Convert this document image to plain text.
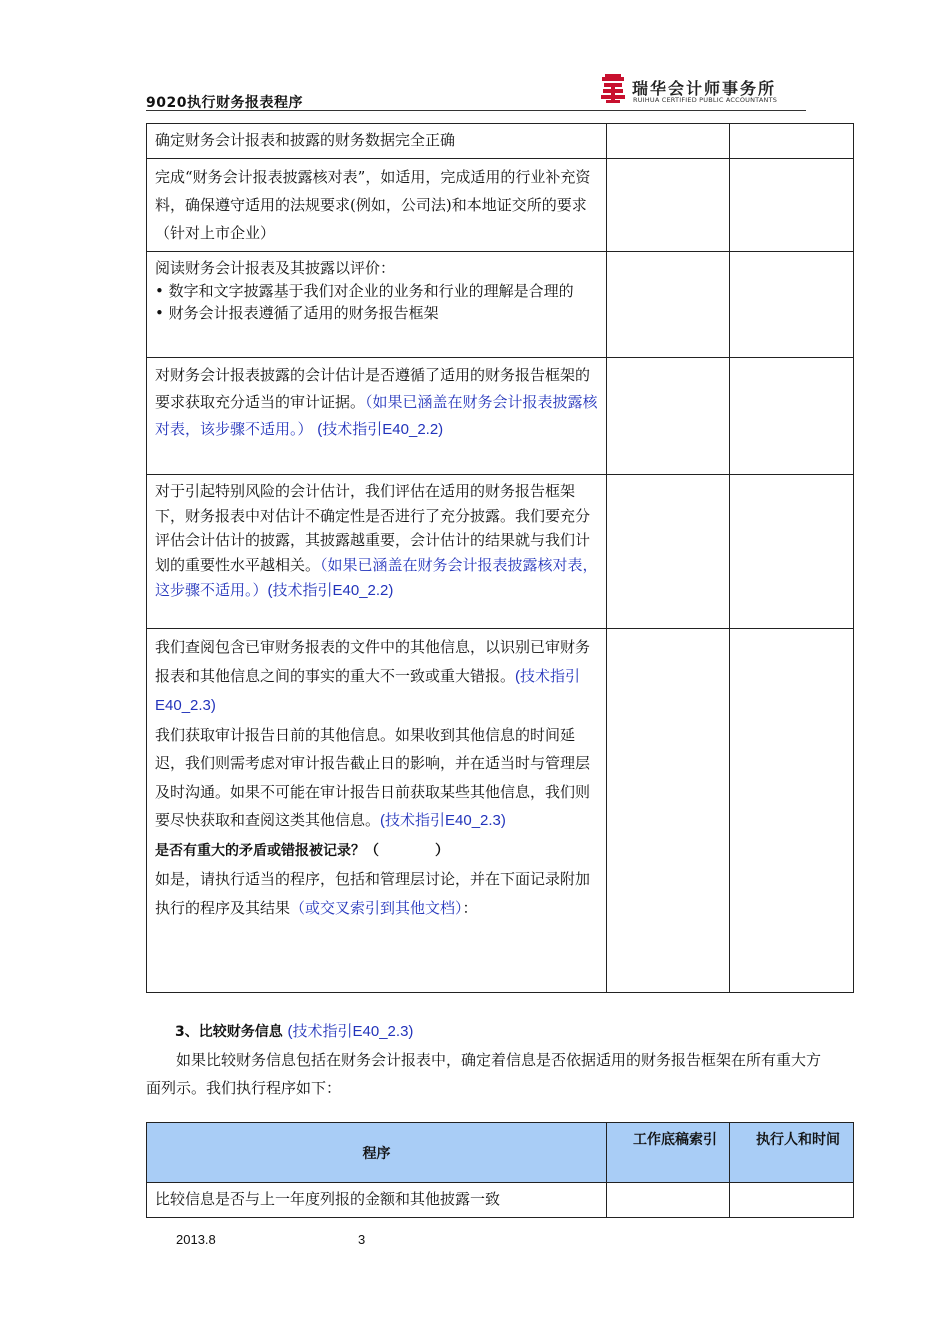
9020执行财务报表程序
瑞华会计师事务所
RUIHUA CERTIFIED PUBLIC ACCOUNTANTS
确定财务会计报表和披露的财务数据完全正确		

完成“财务会计报表披露核对表”，如适用，完成适用的行业补充资料，确保遵守适用的法规要求(例如，公司法)和本地证交所的要求（针对上市企业）		

阅读财务会计报表及其披露以评价：
• 数字和文字披露基于我们对企业的业务和行业的理解是合理的
• 财务会计报表遵循了适用的财务报告框架		

对财务会计报表披露的会计估计是否遵循了适用的财务报告框架的要求获取充分适当的审计证据。（如果已涵盖在财务会计报表披露核对表，该步骤不适用。） (技术指引E40_2.2)		

对于引起特别风险的会计估计，我们评估在适用的财务报告框架下，财务报表中对估计不确定性是否进行了充分披露。我们要充分评估会计估计的披露，其披露越重要，会计估计的结果就与我们计划的重要性水平越相关。（如果已涵盖在财务会计报表披露核对表，这步骤不适用。）(技术指引E40_2.2)		

我们查阅包含已审财务报表的文件中的其他信息，以识别已审财务报表和其他信息之间的事实的重大不一致或重大错报。(技术指引E40_2.3)
我们获取审计报告日前的其他信息。如果收到其他信息的时间延迟，我们则需考虑对审计报告截止日的影响，并在适当时与管理层及时沟通。如果不可能在审计报告日前获取某些其他信息，我们则要尽快获取和查阅这类其他信息。(技术指引E40_2.3)
是否有重大的矛盾或错报被记录？（　　　　）
如是，请执行适当的程序，包括和管理层讨论，并在下面记录附加执行的程序及其结果（或交叉索引到其他文档）：		

3、比较财务信息 (技术指引E40_2.3)
如果比较财务信息包括在财务会计报表中，确定着信息是否依据适用的财务报告框架在所有重大方面列示。我们执行程序如下：
程序	工作底稿索引	执行人和时间

比较信息是否与上一年度列报的金额和其他披露一致		

2013.8	3
